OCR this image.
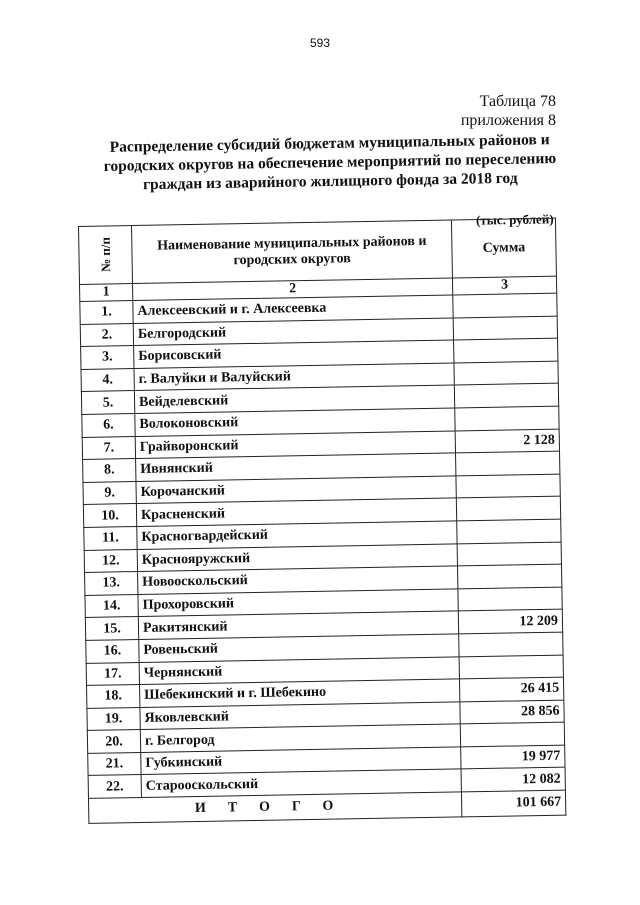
593
Таблица 78
приложения 8
Распределение субсидий бюджетам муниципальных районов и
городских округов на обеспечение мероприятий по переселению
граждан из аварийного жилищного фонда за 2018 год
(тыс. рублей)
№ п/п	Наименование муниципальных районов и городских округов	Сумма
1	2	3
1.	Алексеевский и г. Алексеевка	
2.	Белгородский	
3.	Борисовский	
4.	г. Валуйки и Валуйский	
5.	Вейделевский	
6.	Волоконовский	
7.	Грайворонский	2 128
8.	Ивнянский	
9.	Корочанский	
10.	Красненский	
11.	Красногвардейский	
12.	Краснояружский	
13.	Новооскольский	
14.	Прохоровский	
15.	Ракитянский	12 209
16.	Ровеньский	
17.	Чернянский	
18.	Шебекинский и г. Шебекино	26 415
19.	Яковлевский	28 856
20.	г. Белгород	
21.	Губкинский	19 977
22.	Старооскольский	12 082
ИТОГО		101 667
